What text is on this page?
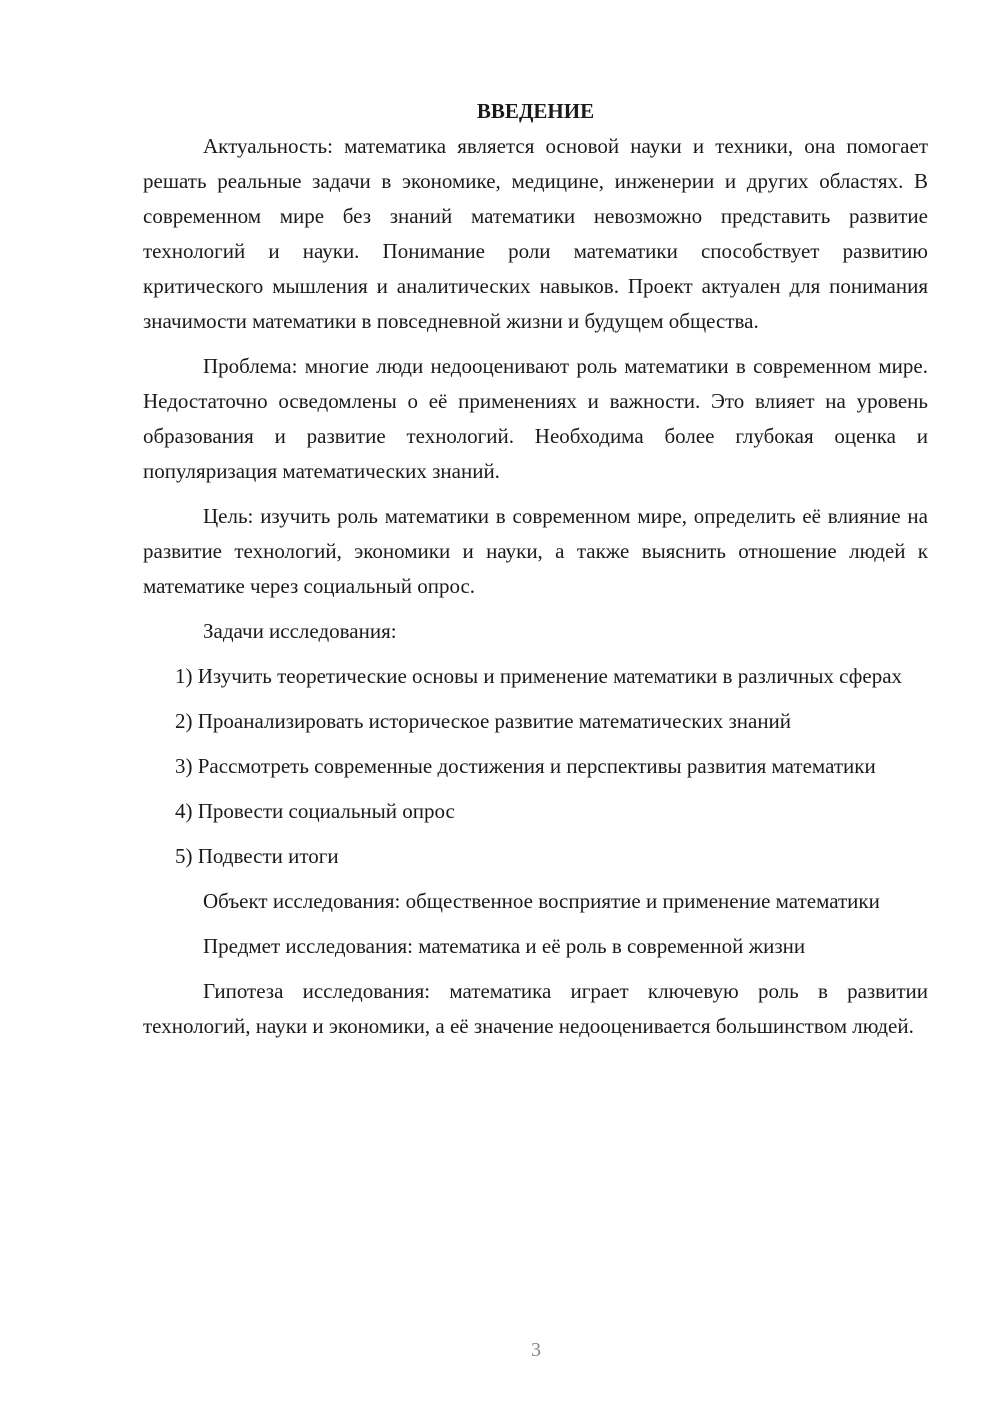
ВВЕДЕНИЕ

Актуальность: математика является основой науки и техники, она помогает решать реальные задачи в экономике, медицине, инженерии и других областях. В современном мире без знаний математики невозможно представить развитие технологий и науки. Понимание роли математики способствует развитию критического мышления и аналитических навыков. Проект актуален для понимания значимости математики в повседневной жизни и будущем общества.

Проблема: многие люди недооценивают роль математики в современном мире. Недостаточно осведомлены о её применениях и важности. Это влияет на уровень образования и развитие технологий. Необходима более глубокая оценка и популяризация математических знаний.

Цель: изучить роль математики в современном мире, определить её влияние на развитие технологий, экономики и науки, а также выяснить отношение людей к математике через социальный опрос.

Задачи исследования:

1) Изучить теоретические основы и применение математики в различных сферах

2) Проанализировать историческое развитие математических знаний

3) Рассмотреть современные достижения и перспективы развития математики

4) Провести социальный опрос

5) Подвести итоги

Объект исследования: общественное восприятие и применение математики

Предмет исследования: математика и её роль в современной жизни

Гипотеза исследования: математика играет ключевую роль в развитии технологий, науки и экономики, а её значение недооценивается большинством людей.

3
